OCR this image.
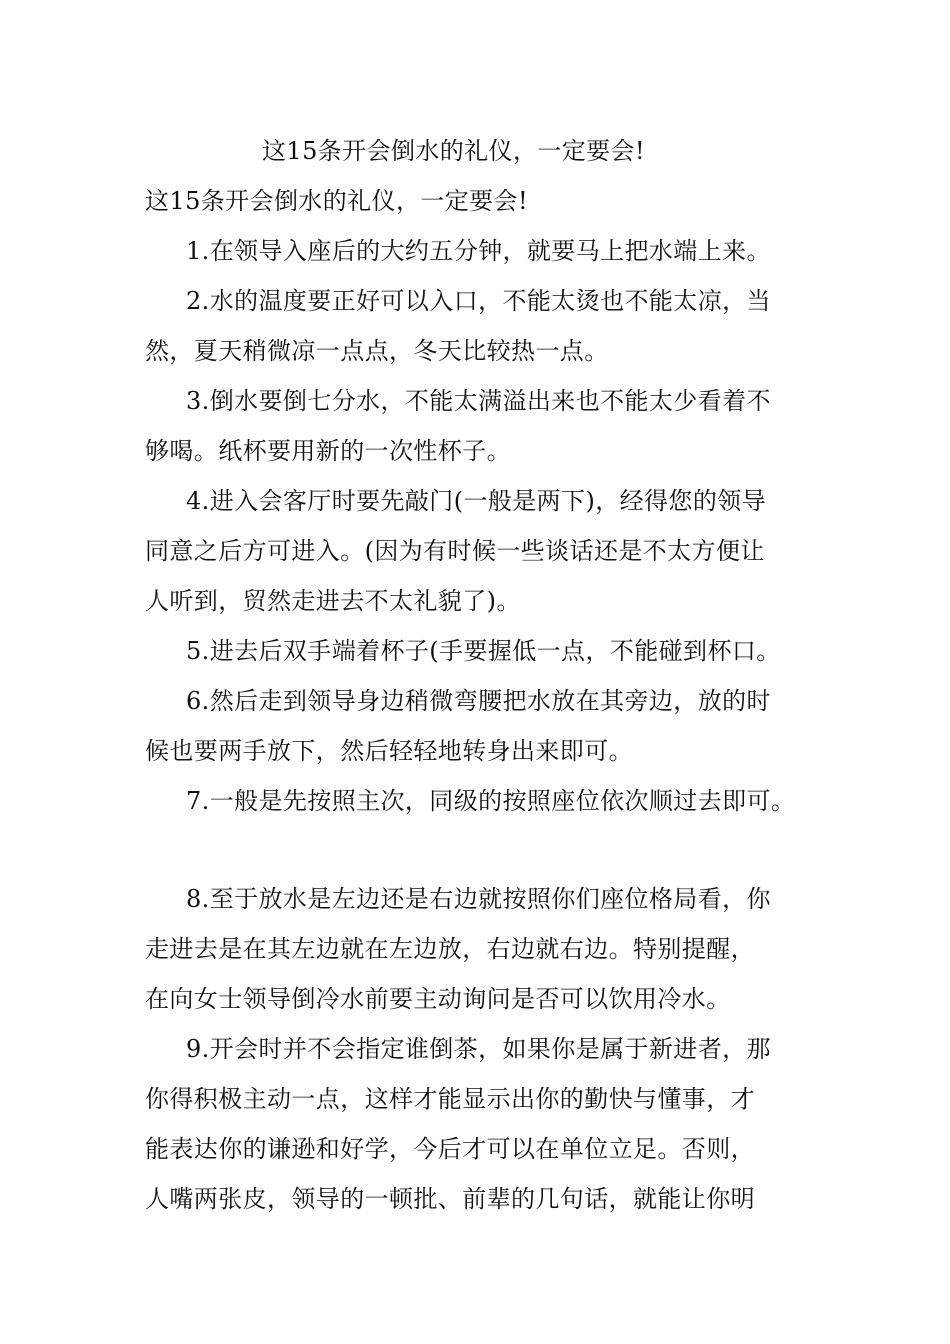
这15条开会倒水的礼仪，一定要会!
这15条开会倒水的礼仪，一定要会!
1.在领导入座后的大约五分钟，就要马上把水端上来。
2.水的温度要正好可以入口，不能太烫也不能太凉，当
然，夏天稍微凉一点点，冬天比较热一点。
3.倒水要倒七分水，不能太满溢出来也不能太少看着不
够喝。纸杯要用新的一次性杯子。
4.进入会客厅时要先敲门(一般是两下)，经得您的领导
同意之后方可进入。(因为有时候一些谈话还是不太方便让
人听到，贸然走进去不太礼貌了)。
5.进去后双手端着杯子(手要握低一点，不能碰到杯口。
6.然后走到领导身边稍微弯腰把水放在其旁边，放的时
候也要两手放下，然后轻轻地转身出来即可。
7.一般是先按照主次，同级的按照座位依次顺过去即可。
8.至于放水是左边还是右边就按照你们座位格局看，你
走进去是在其左边就在左边放，右边就右边。特别提醒，
在向女士领导倒冷水前要主动询问是否可以饮用冷水。
9.开会时并不会指定谁倒茶，如果你是属于新进者，那
你得积极主动一点，这样才能显示出你的勤快与懂事，才
能表达你的谦逊和好学，今后才可以在单位立足。否则，
人嘴两张皮，领导的一顿批、前辈的几句话，就能让你明
